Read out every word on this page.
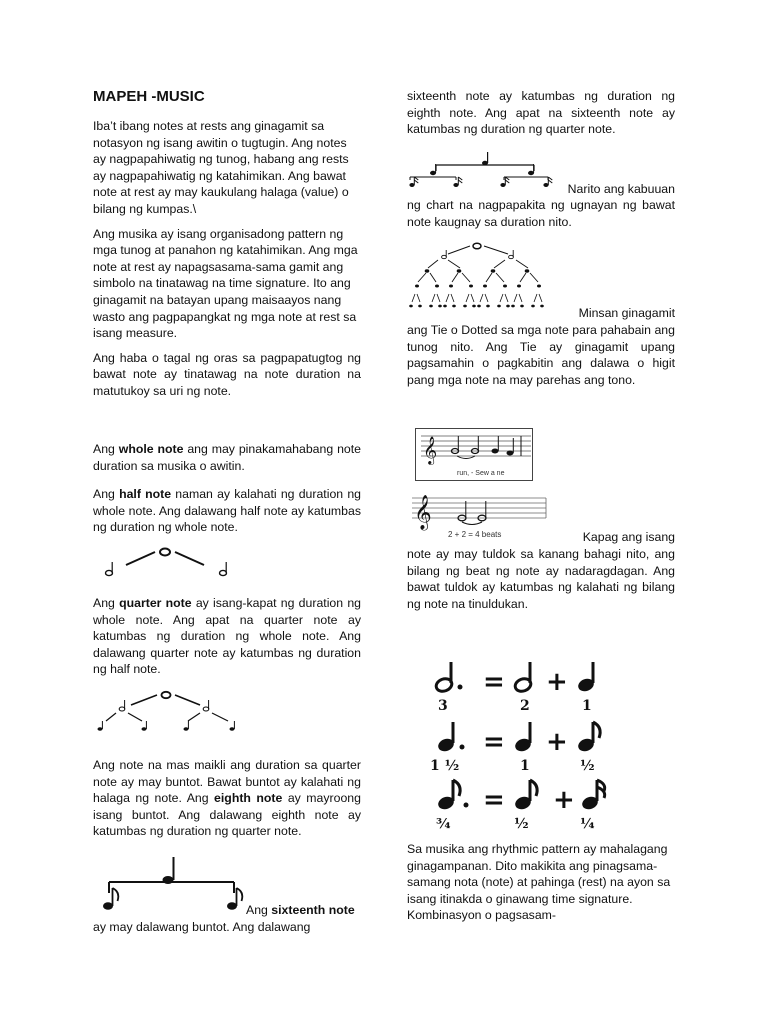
MAPEH -MUSIC

Iba’t ibang notes at rests ang ginagamit sa notasyon ng isang awitin o tugtugin. Ang notes ay nagpapahiwatig ng tunog, habang ang rests ay nagpapahiwatig ng katahimikan. Ang bawat note at rest ay may kaukulang halaga (value) o bilang ng kumpas.\

Ang musika ay isang organisadong pattern ng mga tunog at panahon ng katahimikan. Ang mga note at rest ay napagsasama-sama gamit ang simbolo na tinatawag na time signature. Ito ang ginagamit na batayan upang maisaayos nang wasto ang pagpapangkat ng mga note at rest sa isang measure.

Ang haba o tagal ng oras sa pagpapatugtog ng bawat note ay tinatawag na note duration na matutukoy sa uri ng note.

Ang whole note ang may pinakamahabang note duration sa musika o awitin.
Ang half note naman ay kalahati ng duration ng whole note. Ang dalawang half note ay katumbas ng duration ng whole note.
Ang quarter note ay isang-kapat ng duration ng whole note. Ang apat na quarter note ay katumbas ng duration ng whole note. Ang dalawang quarter note ay katumbas ng duration ng half note.
Ang note na mas maikli ang duration sa quarter note ay may buntot. Bawat buntot ay kalahati ng halaga ng note. Ang eighth note ay mayroong isang buntot. Ang dalawang eighth note ay katumbas ng duration ng quarter note.
Ang sixteenth note
ay may dalawang buntot. Ang dalawang
sixteenth note ay katumbas ng duration ng eighth note. Ang apat na sixteenth note ay katumbas ng duration ng quarter note.
Narito ang kabuuan
ng chart na nagpapakita ng ugnayan ng bawat note kaugnay sa duration nito.
Minsan ginagamit
ang Tie o Dotted sa mga note para pahabain ang tunog nito. Ang Tie ay ginagamit upang pagsamahin o pagkabitin ang dalawa o higit pang mga note na may parehas ang tono.
𝄞
run, - Sew a ne
𝄞
2 + 2 = 4 beats	Kapag ang isang
note ay may tuldok sa kanang bahagi nito, ang bilang ng beat ng note ay nadaragdagan. Ang bawat tuldok ay katumbas ng kalahati ng bilang ng note na tinuldukan.
= +
3	2	1
= +
1 ½	1	½
= +
¾	½	¼
Sa musika ang rhythmic pattern ay mahalagang ginagampanan. Dito makikita ang pinagsama-samang nota (note) at pahinga (rest) na ayon sa isang itinakda o ginawang time signature. Kombinasyon o pagsasam-
